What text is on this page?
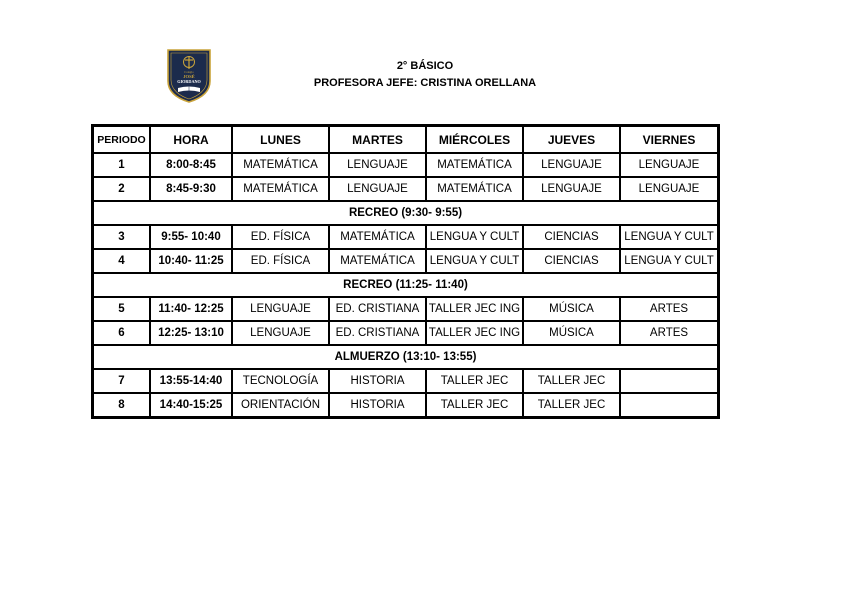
Colegio
JOSÉ
GIORDANO
2° BÁSICO
PROFESORA JEFE: CRISTINA ORELLANA
PERIODO	HORA	LUNES	MARTES	MIÉRCOLES	JUEVES	VIERNES
1	8:00-8:45	MATEMÁTICA	LENGUAJE	MATEMÁTICA	LENGUAJE	LENGUAJE
2	8:45-9:30	MATEMÁTICA	LENGUAJE	MATEMÁTICA	LENGUAJE	LENGUAJE
RECREO (9:30- 9:55)						
3	9:55- 10:40	ED. FÍSICA	MATEMÁTICA	LENGUA Y CULT	CIENCIAS	LENGUA Y CULT
4	10:40- 11:25	ED. FÍSICA	MATEMÁTICA	LENGUA Y CULT	CIENCIAS	LENGUA Y CULT
RECREO (11:25- 11:40)						
5	11:40- 12:25	LENGUAJE	ED. CRISTIANA	TALLER JEC ING	MÚSICA	ARTES
6	12:25- 13:10	LENGUAJE	ED. CRISTIANA	TALLER JEC ING	MÚSICA	ARTES
ALMUERZO (13:10- 13:55)						
7	13:55-14:40	TECNOLOGÍA	HISTORIA	TALLER JEC	TALLER JEC	
8	14:40-15:25	ORIENTACIÓN	HISTORIA	TALLER JEC	TALLER JEC	
